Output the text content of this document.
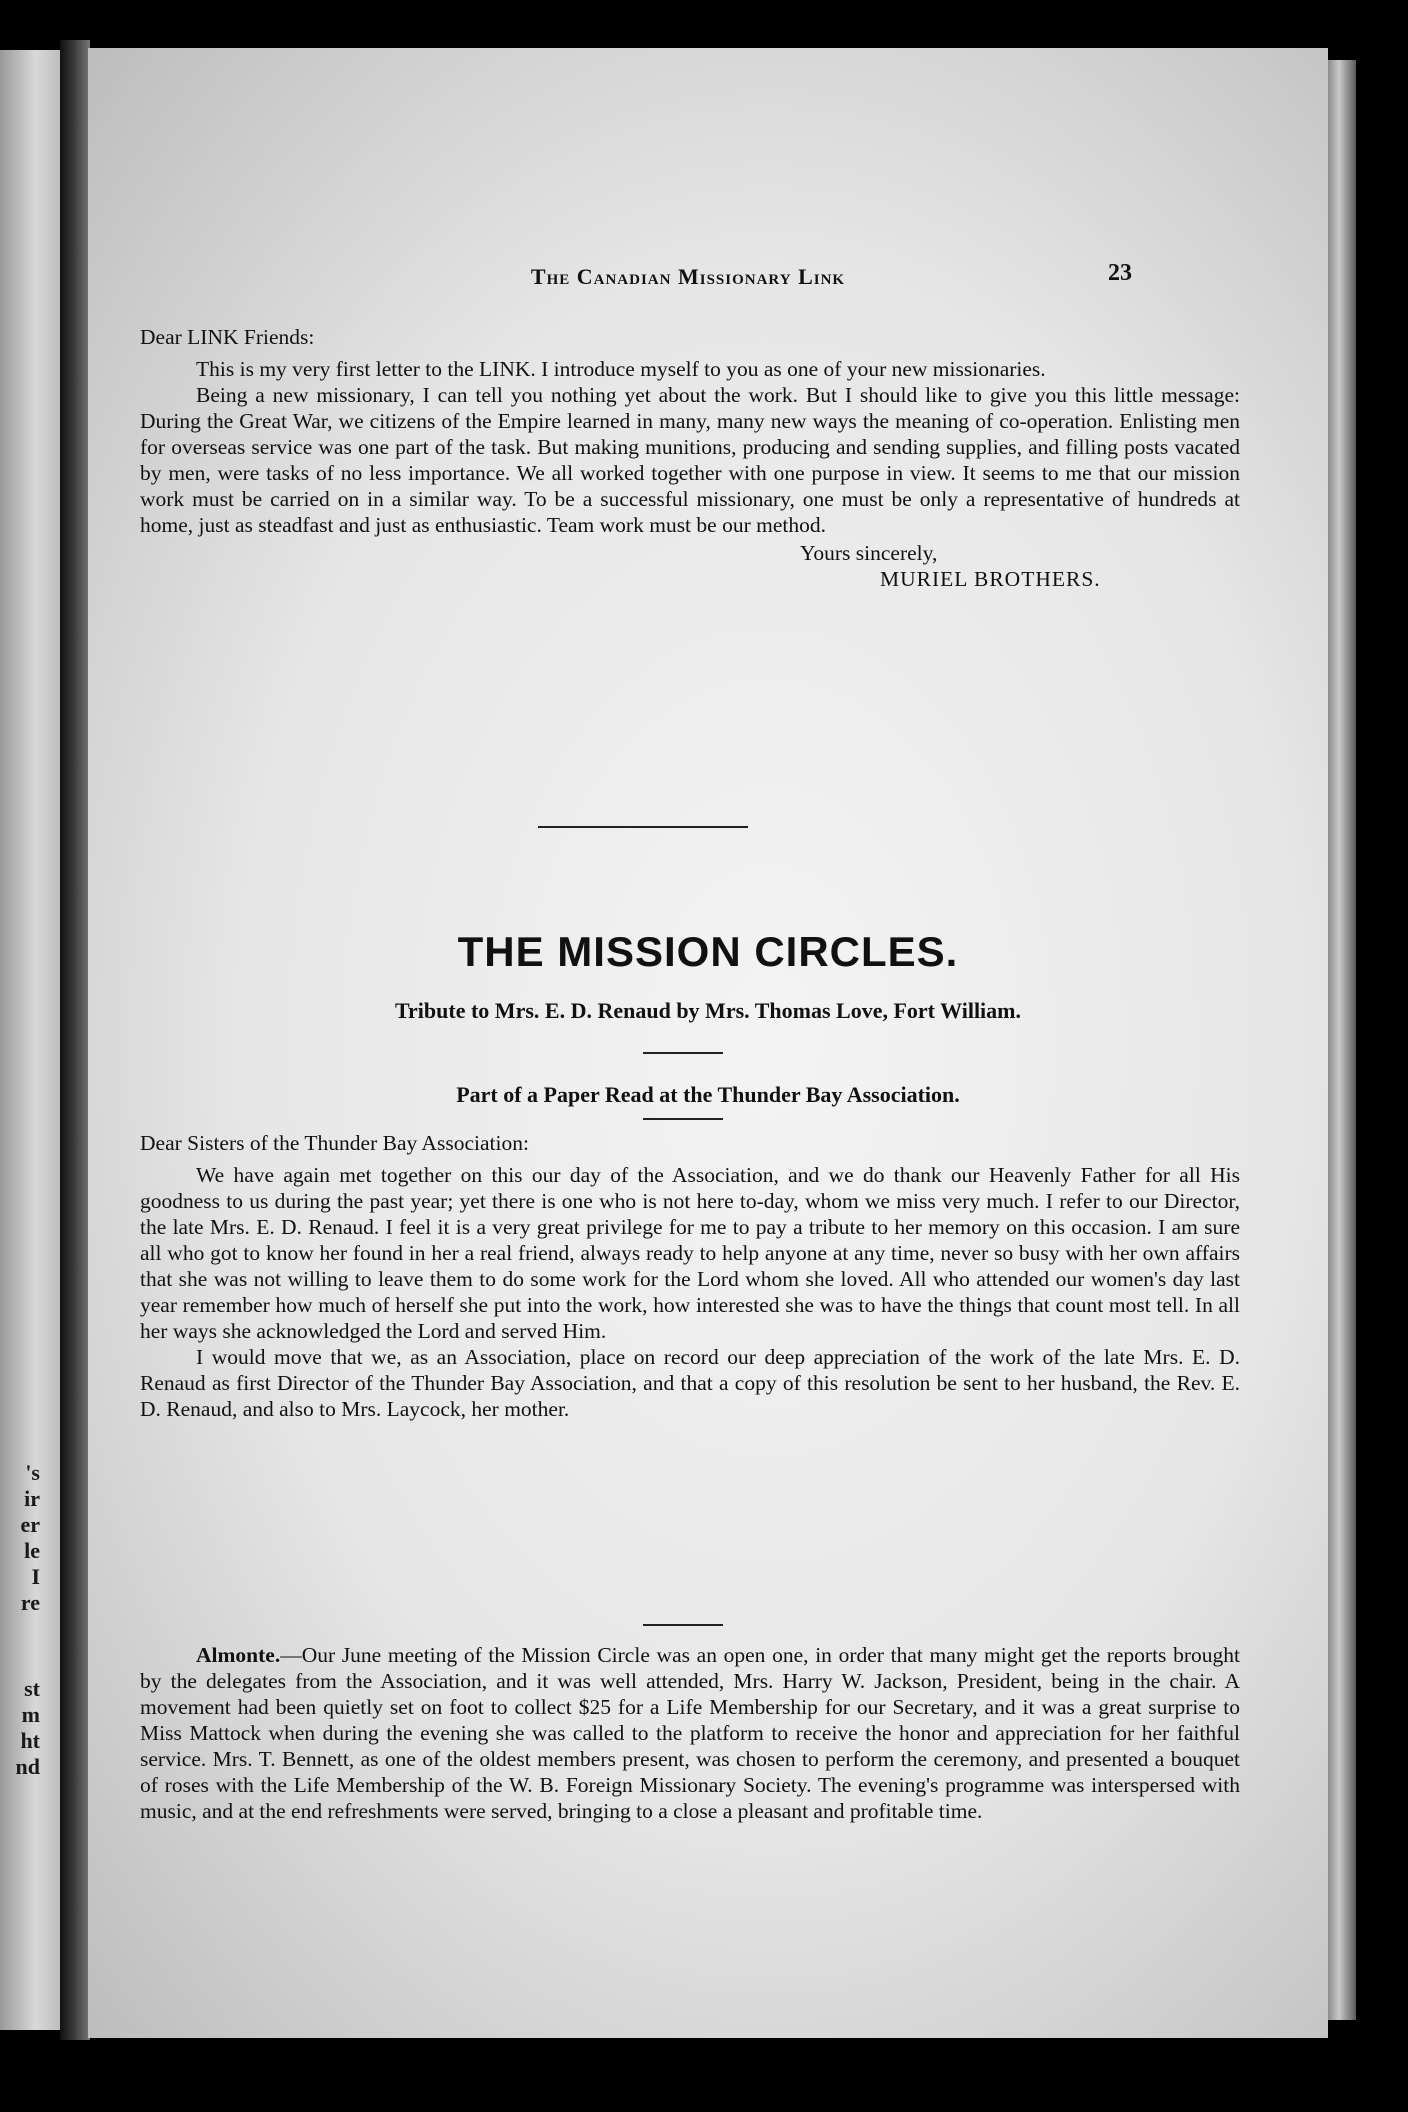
's
ir
er
le
I
re
st
m
ht
nd
The Canadian Missionary Link	23

Dear LINK Friends:

This is my very first letter to the LINK. I introduce myself to you as one of your new missionaries.

Being a new missionary, I can tell you nothing yet about the work. But I should like to give you this little message: During the Great War, we citizens of the Empire learned in many, many new ways the meaning of co-operation. Enlisting men for overseas service was one part of the task. But making munitions, producing and sending supplies, and filling posts vacated by men, were tasks of no less importance. We all worked together with one purpose in view. It seems to me that our mission work must be carried on in a similar way. To be a successful missionary, one must be only a representative of hundreds at home, just as steadfast and just as enthusiastic. Team work must be our method.

Yours sincerely,

MURIEL BROTHERS.

THE MISSION CIRCLES.
Tribute to Mrs. E. D. Renaud by Mrs. Thomas Love, Fort William.
Part of a Paper Read at the Thunder Bay Association.

Dear Sisters of the Thunder Bay Association:

We have again met together on this our day of the Association, and we do thank our Heavenly Father for all His goodness to us during the past year; yet there is one who is not here to-day, whom we miss very much. I refer to our Director, the late Mrs. E. D. Renaud. I feel it is a very great privilege for me to pay a tribute to her memory on this occasion. I am sure all who got to know her found in her a real friend, always ready to help anyone at any time, never so busy with her own affairs that she was not willing to leave them to do some work for the Lord whom she loved. All who attended our women's day last year remember how much of herself she put into the work, how interested she was to have the things that count most tell. In all her ways she acknowledged the Lord and served Him.

I would move that we, as an Association, place on record our deep appreciation of the work of the late Mrs. E. D. Renaud as first Director of the Thunder Bay Association, and that a copy of this resolution be sent to her husband, the Rev. E. D. Renaud, and also to Mrs. Laycock, her mother.

Almonte.—Our June meeting of the Mission Circle was an open one, in order that many might get the reports brought by the delegates from the Association, and it was well attended, Mrs. Harry W. Jackson, President, being in the chair. A movement had been quietly set on foot to collect $25 for a Life Membership for our Secretary, and it was a great surprise to Miss Mattock when during the evening she was called to the platform to receive the honor and appreciation for her faithful service. Mrs. T. Bennett, as one of the oldest members present, was chosen to perform the ceremony, and presented a bouquet of roses with the Life Membership of the W. B. Foreign Missionary Society. The evening's programme was interspersed with music, and at the end refreshments were served, bringing to a close a pleasant and profitable time.
